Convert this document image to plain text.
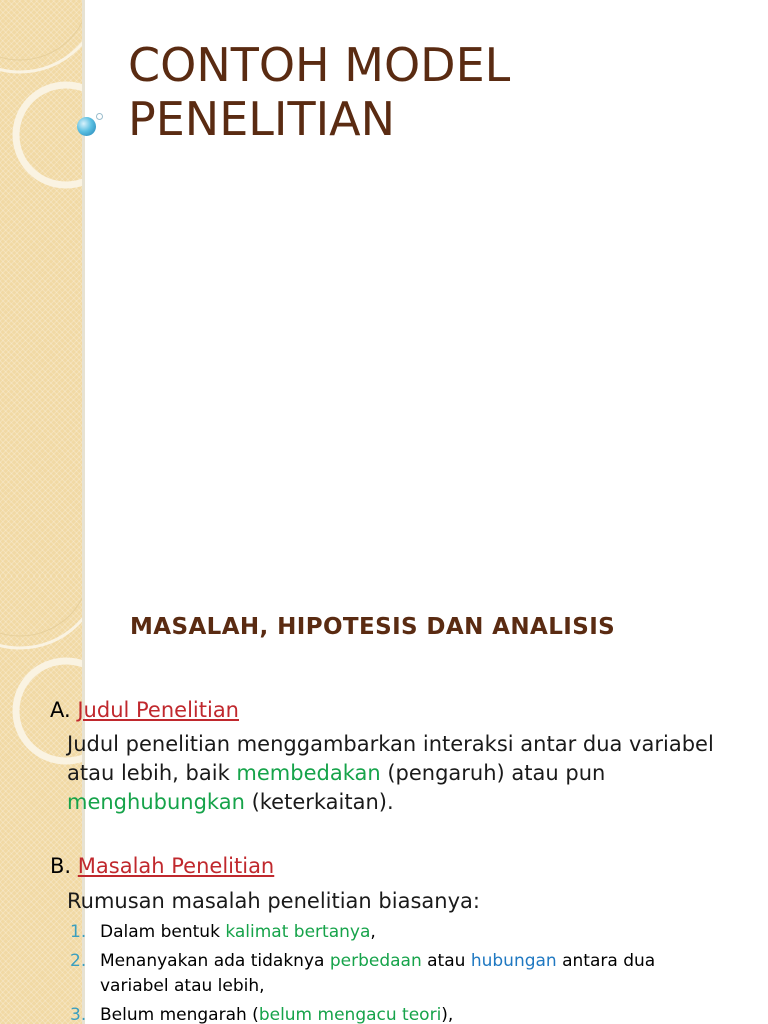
CONTOH MODEL
PENELITIAN
MASALAH, HIPOTESIS DAN ANALISIS
A. Judul Penelitian
Judul penelitian menggambarkan interaksi antar dua variabel atau lebih, baik membedakan (pengaruh) atau pun menghubungkan (keterkaitan).
B. Masalah Penelitian
Rumusan masalah penelitian biasanya:
1. Dalam bentuk kalimat bertanya,
2. Menanyakan ada tidaknya perbedaan atau hubungan antara dua variabel atau lebih,
3. Belum mengarah (belum mengacu teori),
